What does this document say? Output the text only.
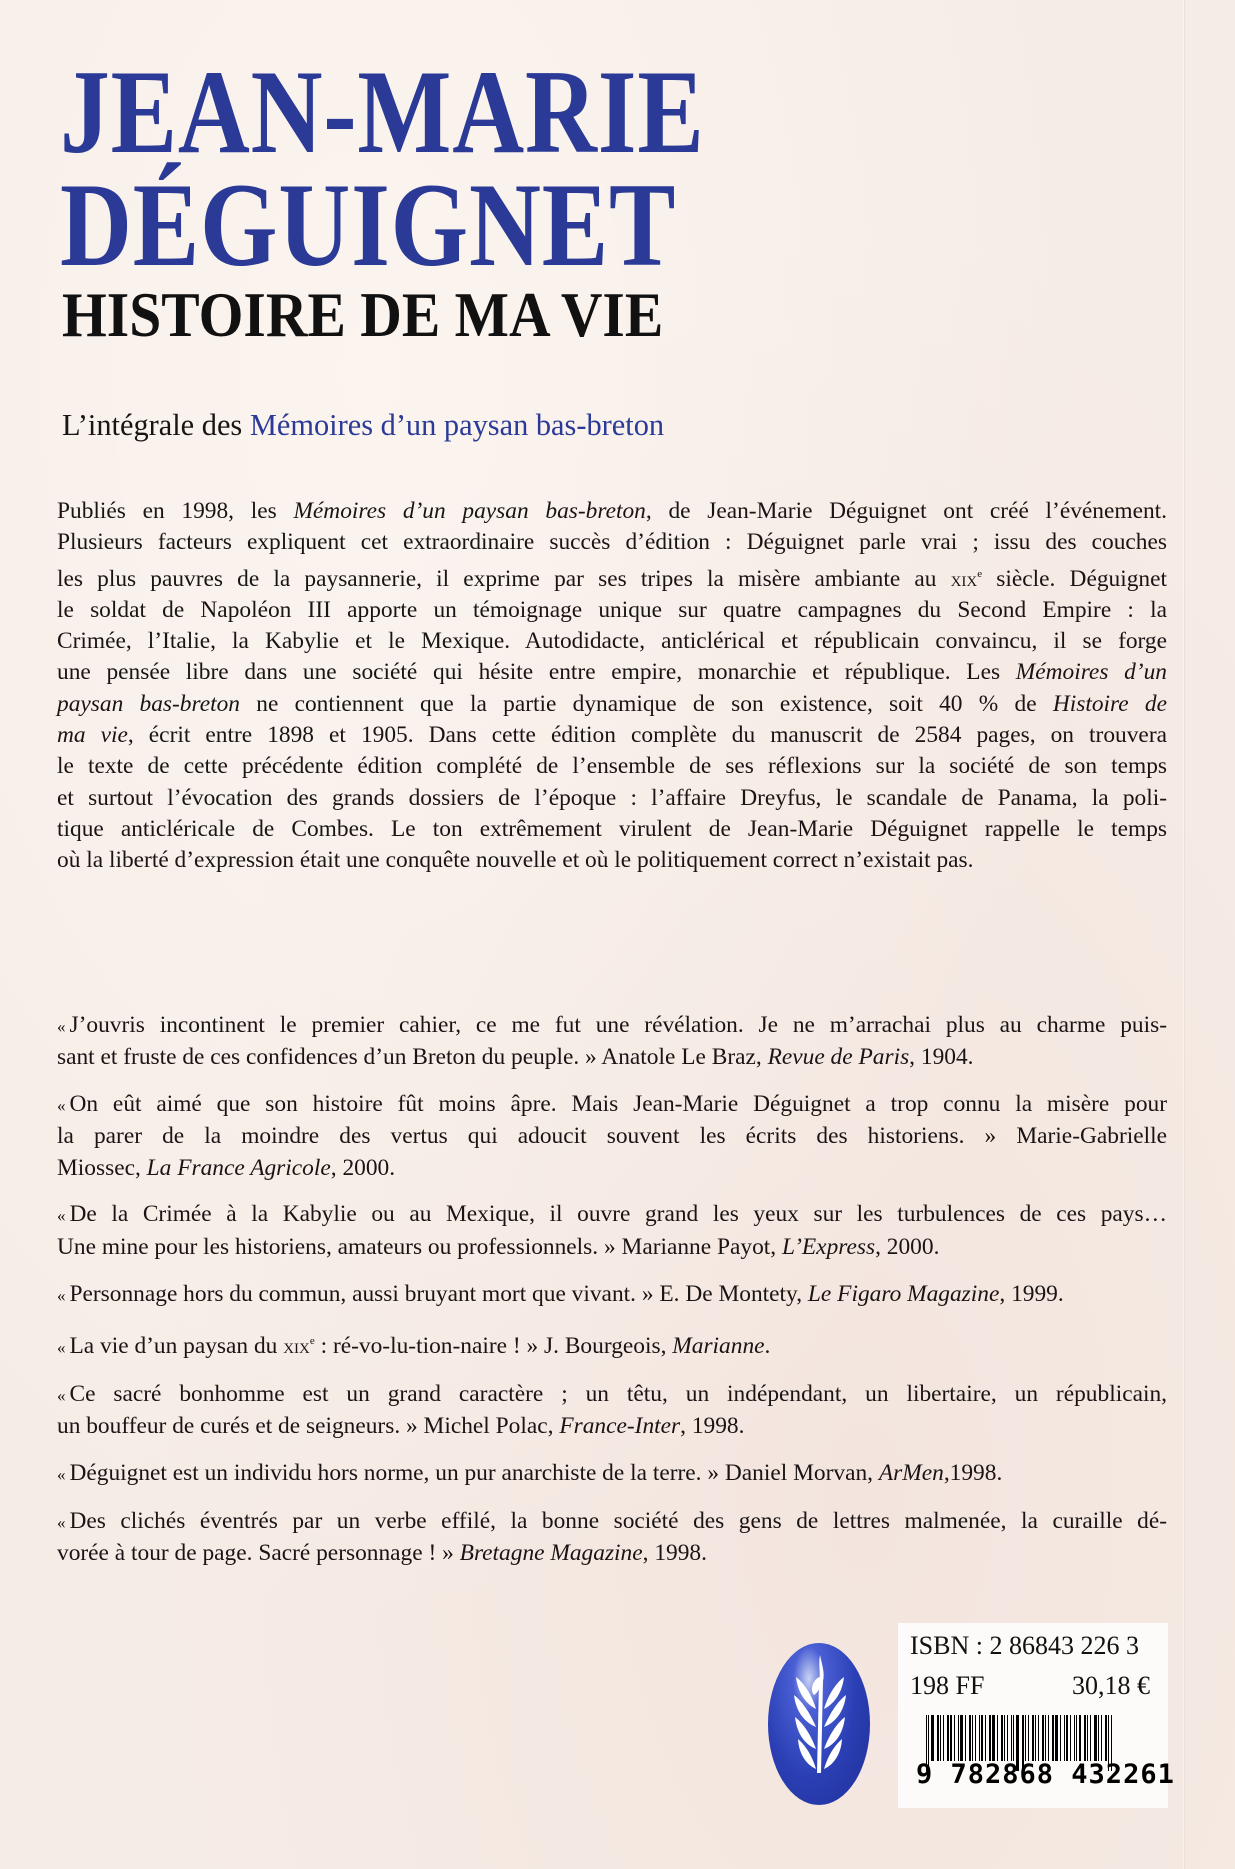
JEAN-MARIE
DÉGUIGNET
HISTOIRE DE MA VIE
L’intégrale des Mémoires d’un paysan bas-breton
Publiés en 1998, les Mémoires d’un paysan bas-breton, de Jean-Marie Déguignet ont créé l’événement.
Plusieurs facteurs expliquent cet extraordinaire succès d’édition : Déguignet parle vrai ; issu des couches
les plus pauvres de la paysannerie, il exprime par ses tripes la misère ambiante au xix$^e$ siècle. Déguignet
le soldat de Napoléon III apporte un témoignage unique sur quatre campagnes du Second Empire : la
Crimée, l’Italie, la Kabylie et le Mexique. Autodidacte, anticlérical et républicain convaincu, il se forge
une pensée libre dans une société qui hésite entre empire, monarchie et république. Les Mémoires d’un
paysan bas-breton ne contiennent que la partie dynamique de son existence, soit 40 % de Histoire de
ma vie, écrit entre 1898 et 1905. Dans cette édition complète du manuscrit de 2584 pages, on trouvera
le texte de cette précédente édition complété de l’ensemble de ses réflexions sur la société de son temps
et surtout l’évocation des grands dossiers de l’époque : l’affaire Dreyfus, le scandale de Panama, la poli-
tique anticléricale de Combes. Le ton extrêmement virulent de Jean-Marie Déguignet rappelle le temps
où la liberté d’expression était une conquête nouvelle et où le politiquement correct n’existait pas.
« J’ouvris incontinent le premier cahier, ce me fut une révélation. Je ne m’arrachai plus au charme puis-
sant et fruste de ces confidences d’un Breton du peuple. » Anatole Le Braz, Revue de Paris, 1904.
« On eût aimé que son histoire fût moins âpre. Mais Jean-Marie Déguignet a trop connu la misère pour
la parer de la moindre des vertus qui adoucit souvent les écrits des historiens. » Marie-Gabrielle
Miossec, La France Agricole, 2000.
« De la Crimée à la Kabylie ou au Mexique, il ouvre grand les yeux sur les turbulences de ces pays…
Une mine pour les historiens, amateurs ou professionnels. » Marianne Payot, L’Express, 2000.
« Personnage hors du commun, aussi bruyant mort que vivant. » E. De Montety, Le Figaro Magazine, 1999.
« La vie d’un paysan du xix$^e$ : ré-vo-lu-tion-naire ! » J. Bourgeois, Marianne.
« Ce sacré bonhomme est un grand caractère ; un têtu, un indépendant, un libertaire, un républicain,
un bouffeur de curés et de seigneurs. » Michel Polac, France-Inter, 1998.
« Déguignet est un individu hors norme, un pur anarchiste de la terre. » Daniel Morvan, ArMen,1998.
« Des clichés éventrés par un verbe effilé, la bonne société des gens de lettres malmenée, la curaille dé-
vorée à tour de page. Sacré personnage ! » Bretagne Magazine, 1998.
ISBN : 2 86843 226 3
198 FF	30,18 €
9 782868 432261
